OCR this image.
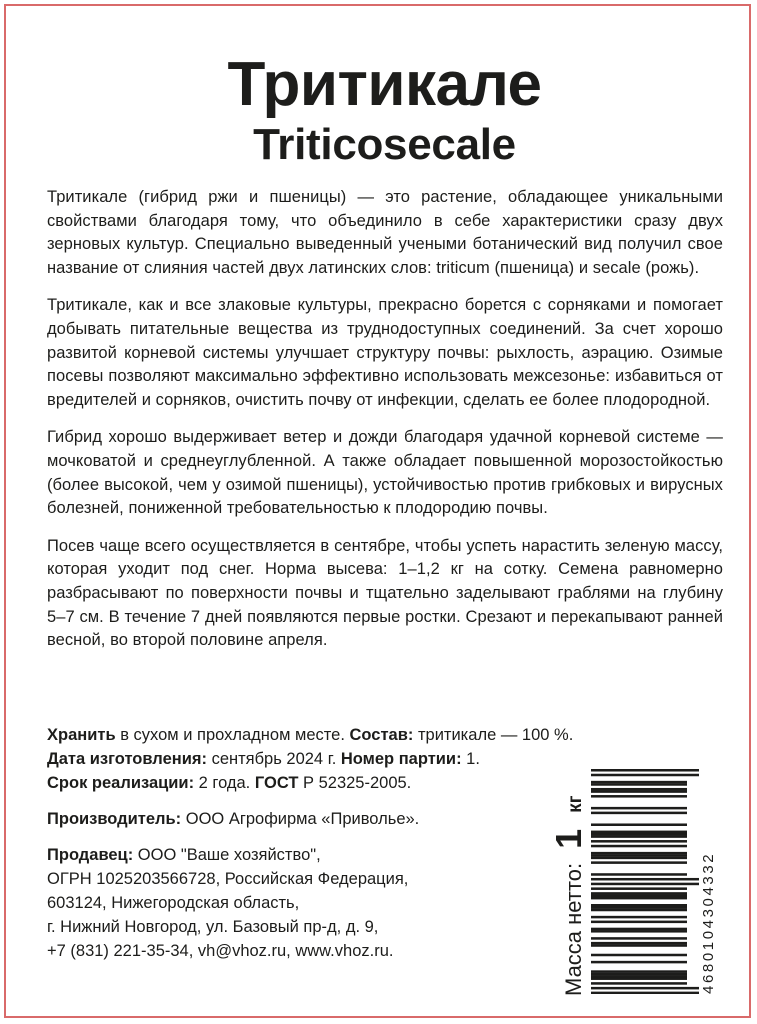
Тритикале
Triticosecale

Тритикале (гибрид ржи и пшеницы) — это растение, обладающее уникальными свойствами благодаря тому, что объединило в себе характеристики сразу двух зерновых культур. Специально выведенный учеными ботанический вид получил свое название от слияния частей двух латинских слов: triticum (пшеница) и secale (рожь).

Тритикале, как и все злаковые культуры, прекрасно борется с сорняками и помогает добывать питательные вещества из труднодоступных соединений. За счет хорошо развитой корневой системы улучшает структуру почвы: рыхлость, аэрацию. Озимые посевы позволяют максимально эффективно использовать межсезонье: избавиться от вредителей и сорняков, очистить почву от инфекции, сделать ее более плодородной.

Гибрид хорошо выдерживает ветер и дожди благодаря удачной корневой системе — мочковатой и среднеуглубленной. А также обладает повышенной морозостойкостью (более высокой, чем у озимой пшеницы), устойчивостью против грибковых и вирусных болезней, пониженной требовательностью к плодородию почвы.

Посев чаще всего осуществляется в сентябре, чтобы успеть нарастить зеленую массу, которая уходит под снег. Норма высева: 1–1,2 кг на сотку. Семена равномерно разбрасывают по поверхности почвы и тщательно заделывают граблями на глубину 5–7 см. В течение 7 дней появляются первые ростки. Срезают и перекапывают ранней весной, во второй половине апреля.

Хранить в сухом и прохладном месте. Состав: тритикале — 100 %.
Дата изготовления: сентябрь 2024 г. Номер партии: 1.
Срок реализации: 2 года. ГОСТ Р 52325-2005.
Производитель: ООО Агрофирма «Приволье».
Продавец: ООО "Ваше хозяйство",
ОГРН 1025203566728, Российская Федерация,
603124, Нижегородская область,
г. Нижний Новгород, ул. Базовый пр-д, д. 9,
+7 (831) 221-35-34, vh@vhoz.ru, www.vhoz.ru.	Масса нетто:
1
кг
4680104304332
